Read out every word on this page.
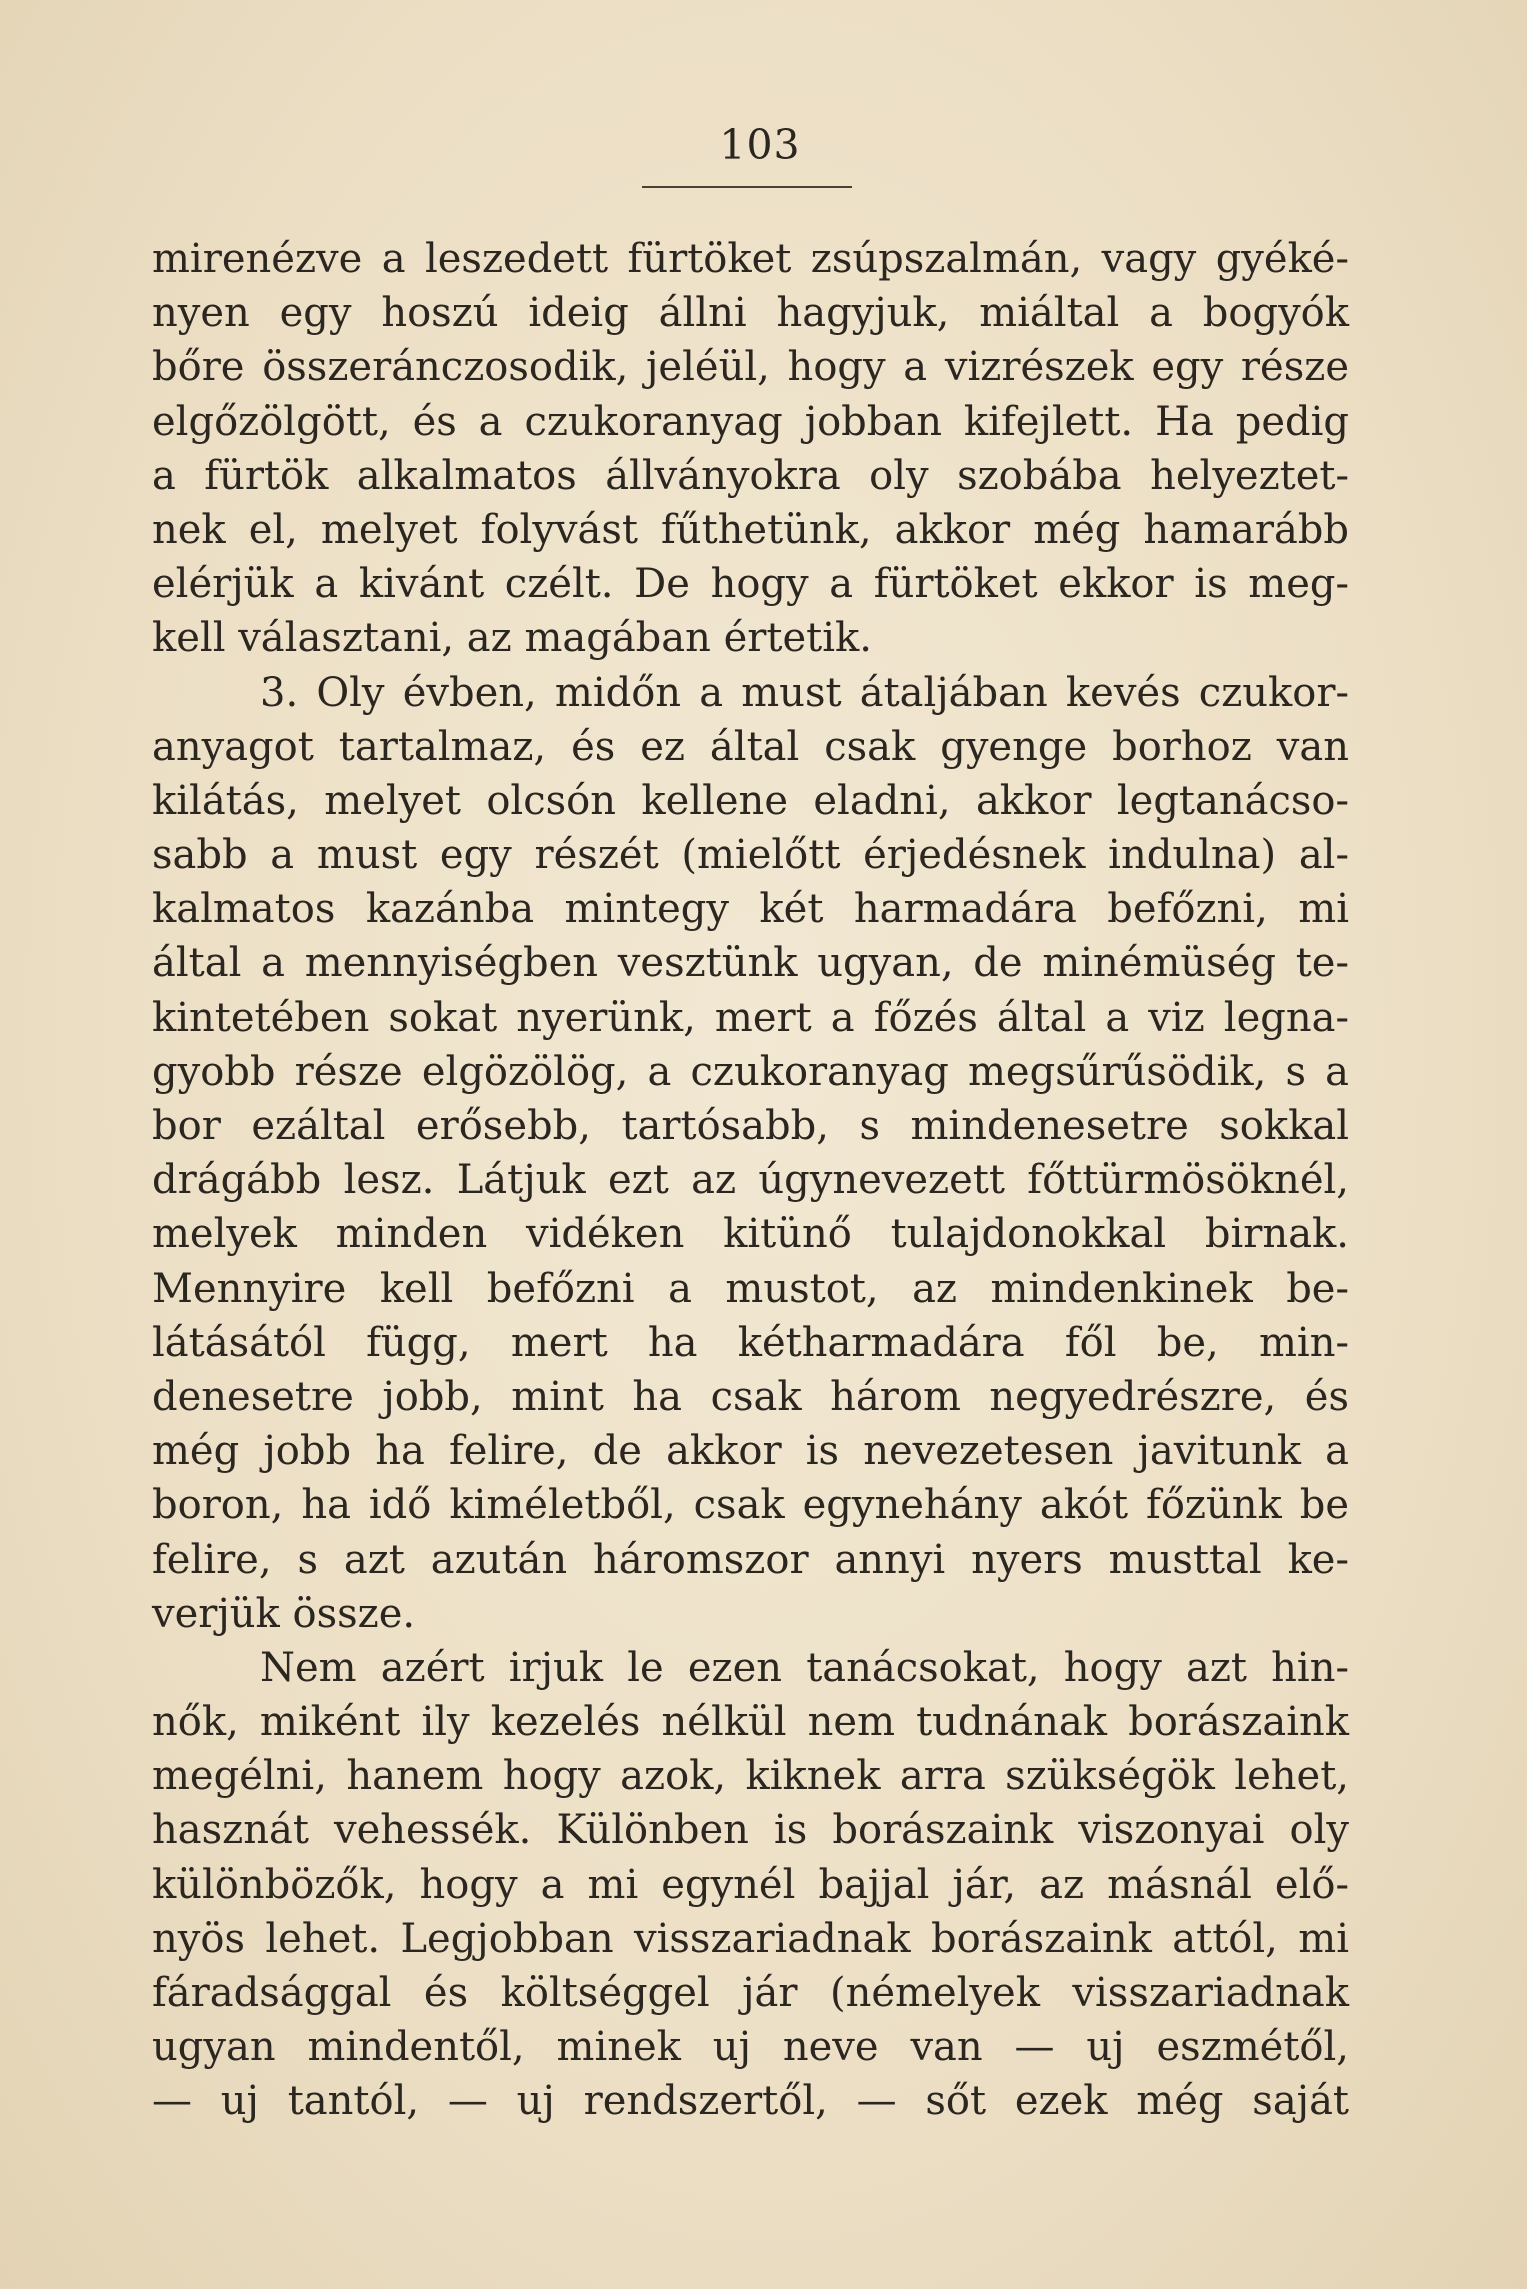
103
mirenézve a leszedett fürtöket zsúpszalmán, vagy gyéké-
nyen egy hoszú ideig állni hagyjuk, miáltal a bogyók
bőre összeránczosodik, jeléül, hogy a vizrészek egy része
elgőzölgött, és a czukoranyag jobban kifejlett. Ha pedig
a fürtök alkalmatos állványokra oly szobába helyeztet-
nek el, melyet folyvást fűthetünk, akkor még hamarább
elérjük a kivánt czélt. De hogy a fürtöket ekkor is meg-
kell választani, az magában értetik.
3. Oly évben, midőn a must átaljában kevés czukor-
anyagot tartalmaz, és ez által csak gyenge borhoz van
kilátás, melyet olcsón kellene eladni, akkor legtanácso-
sabb a must egy részét (mielőtt érjedésnek indulna) al-
kalmatos kazánba mintegy két harmadára befőzni, mi
által a mennyiségben vesztünk ugyan, de minémüség te-
kintetében sokat nyerünk, mert a főzés által a viz legna-
gyobb része elgözölög, a czukoranyag megsűrűsödik, s a
bor ezáltal erősebb, tartósabb, s mindenesetre sokkal
drágább lesz. Látjuk ezt az úgynevezett főttürmösöknél,
melyek minden vidéken kitünő tulajdonokkal birnak.
Mennyire kell befőzni a mustot, az mindenkinek be-
látásától függ, mert ha kétharmadára fől be, min-
denesetre jobb, mint ha csak három negyedrészre, és
még jobb ha felire, de akkor is nevezetesen javitunk a
boron, ha idő kiméletből, csak egynehány akót főzünk be
felire, s azt azután háromszor annyi nyers musttal ke-
verjük össze.
Nem azért irjuk le ezen tanácsokat, hogy azt hin-
nők, miként ily kezelés nélkül nem tudnának borászaink
megélni, hanem hogy azok, kiknek arra szükségök lehet,
hasznát vehessék. Különben is borászaink viszonyai oly
különbözők, hogy a mi egynél bajjal jár, az másnál elő-
nyös lehet. Legjobban visszariadnak borászaink attól, mi
fáradsággal és költséggel jár (némelyek visszariadnak
ugyan mindentől, minek uj neve van — uj eszmétől,
— uj tantól, — uj rendszertől, — sőt ezek még saját
